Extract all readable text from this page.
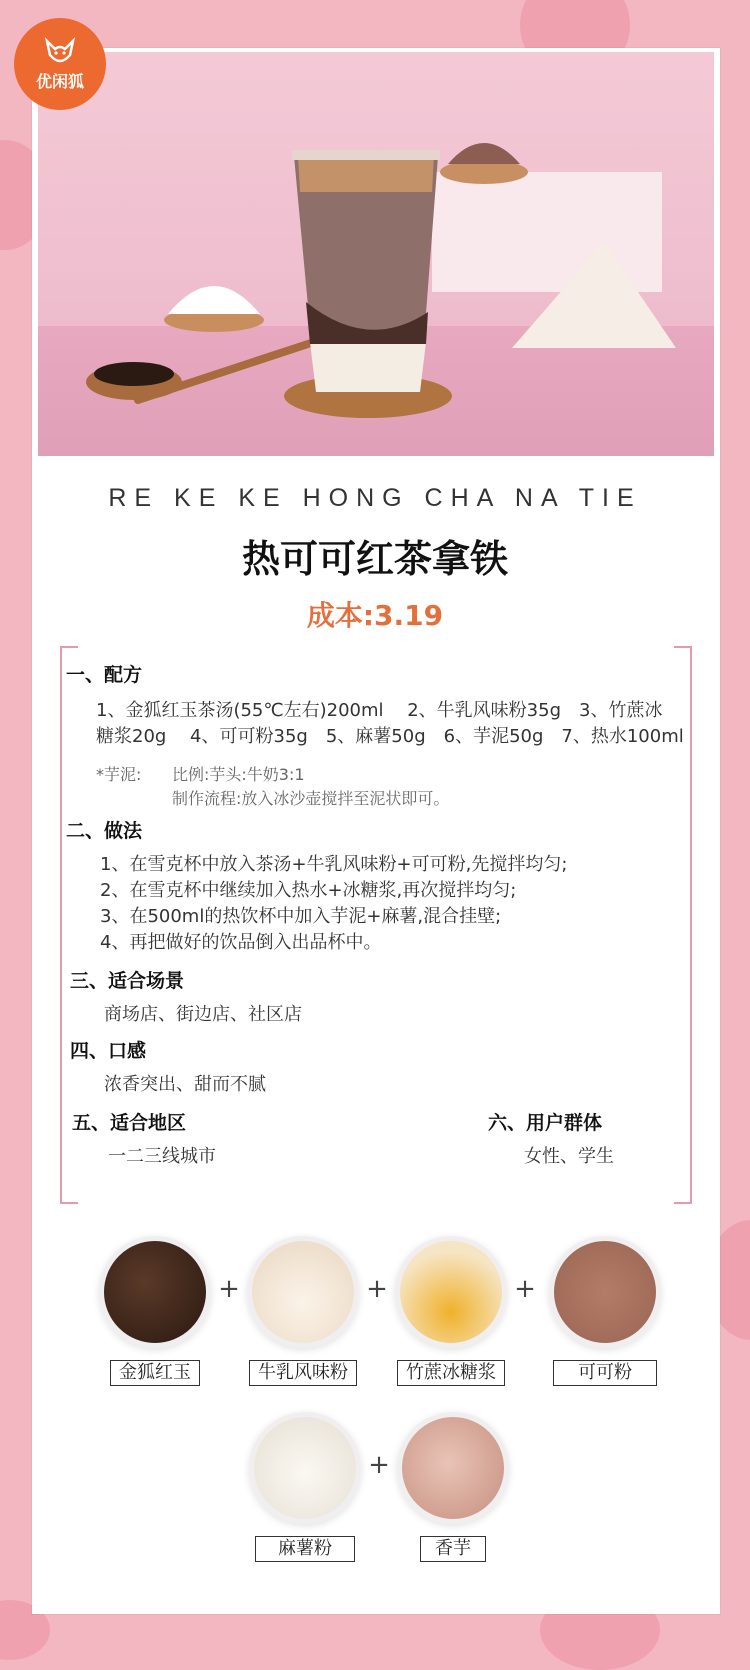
优闲狐
RE KE KE HONG CHA NA TIE
热可可红茶拿铁
成本:3.19
一、配方
1、金狐红玉茶汤(55℃左右)200ml　 2、牛乳风味粉35g　3、竹蔗冰
糖浆20g　 4、可可粉35g　5、麻薯50g　6、芋泥50g　7、热水100ml
*芋泥: 比例:芋头:牛奶3:1
制作流程:放入冰沙壶搅拌至泥状即可。
二、做法
1、在雪克杯中放入茶汤+牛乳风味粉+可可粉,先搅拌均匀;
2、在雪克杯中继续加入热水+冰糖浆,再次搅拌均匀;
3、在500ml的热饮杯中加入芋泥+麻薯,混合挂壁;
4、再把做好的饮品倒入出品杯中。
三、适合场景
商场店、街边店、社区店
四、口感
浓香突出、甜而不腻
五、适合地区
一二三线城市
六、用户群体
女性、学生
金狐红玉
+
牛乳风味粉
+
竹蔗冰糖浆
+
可可粉
麻薯粉
+
香芋
